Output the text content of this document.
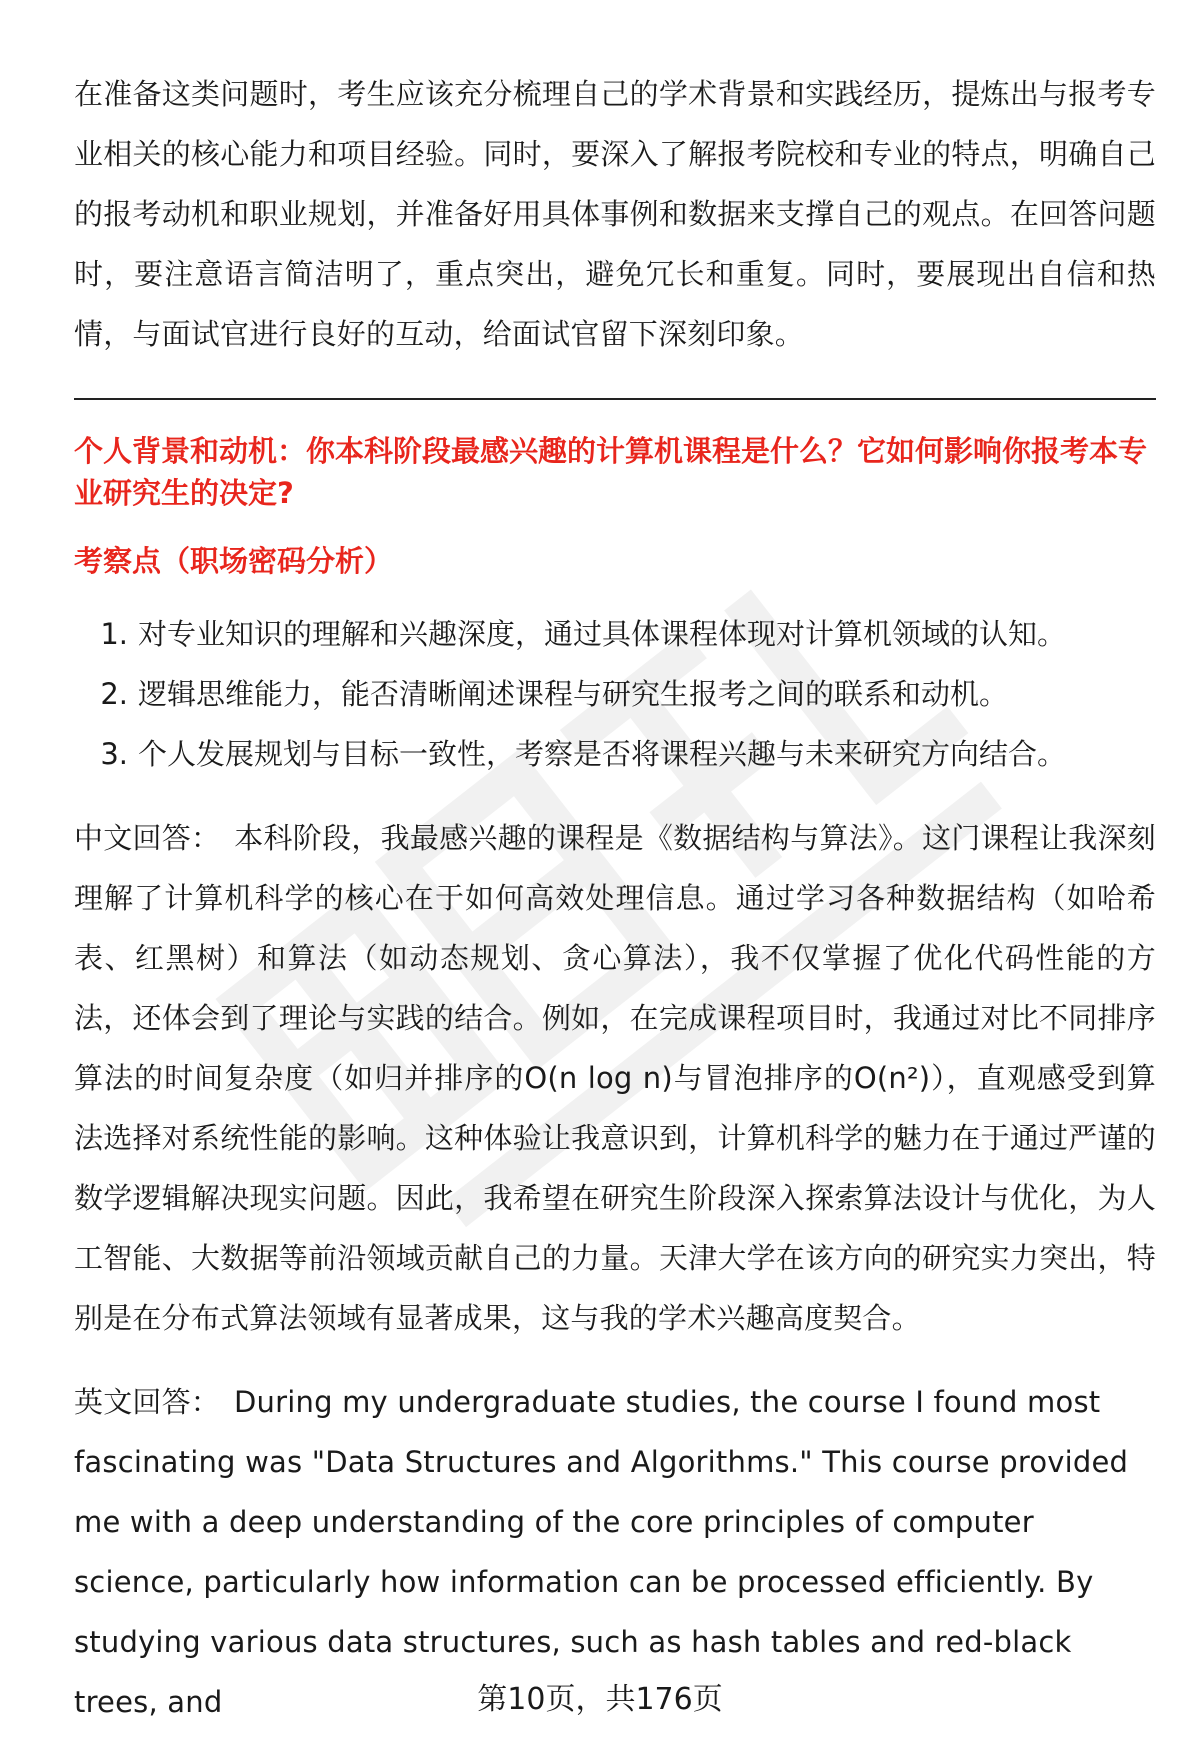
在准备这类问题时，考生应该充分梳理自己的学术背景和实践经历，提炼出与报考专业相关的核心能力和项目经验。同时，要深入了解报考院校和专业的特点，明确自己的报考动机和职业规划，并准备好用具体事例和数据来支撑自己的观点。在回答问题时，要注意语言简洁明了，重点突出，避免冗长和重复。同时，要展现出自信和热情，与面试官进行良好的互动，给面试官留下深刻印象。

个人背景和动机：你本科阶段最感兴趣的计算机课程是什么？它如何影响你报考本专业研究生的决定?

考察点（职场密码分析）

1. 对专业知识的理解和兴趣深度，通过具体课程体现对计算机领域的认知。
2. 逻辑思维能力，能否清晰阐述课程与研究生报考之间的联系和动机。
3. 个人发展规划与目标一致性，考察是否将课程兴趣与未来研究方向结合。

中文回答： 本科阶段，我最感兴趣的课程是《数据结构与算法》。这门课程让我深刻理解了计算机科学的核心在于如何高效处理信息。通过学习各种数据结构（如哈希表、红黑树）和算法（如动态规划、贪心算法），我不仅掌握了优化代码性能的方法，还体会到了理论与实践的结合。例如，在完成课程项目时，我通过对比不同排序算法的时间复杂度（如归并排序的O(n log n)与冒泡排序的O(n²)），直观感受到算法选择对系统性能的影响。这种体验让我意识到，计算机科学的魅力在于通过严谨的数学逻辑解决现实问题。因此，我希望在研究生阶段深入探索算法设计与优化，为人工智能、大数据等前沿领域贡献自己的力量。天津大学在该方向的研究实力突出，特别是在分布式算法领域有显著成果，这与我的学术兴趣高度契合。

英文回答： During my undergraduate studies, the course I found most fascinating was "Data Structures and Algorithms." This course provided me with a deep understanding of the core principles of computer science, particularly how information can be processed efficiently. By studying various data structures, such as hash tables and red-black trees, and	第10页，共176页
